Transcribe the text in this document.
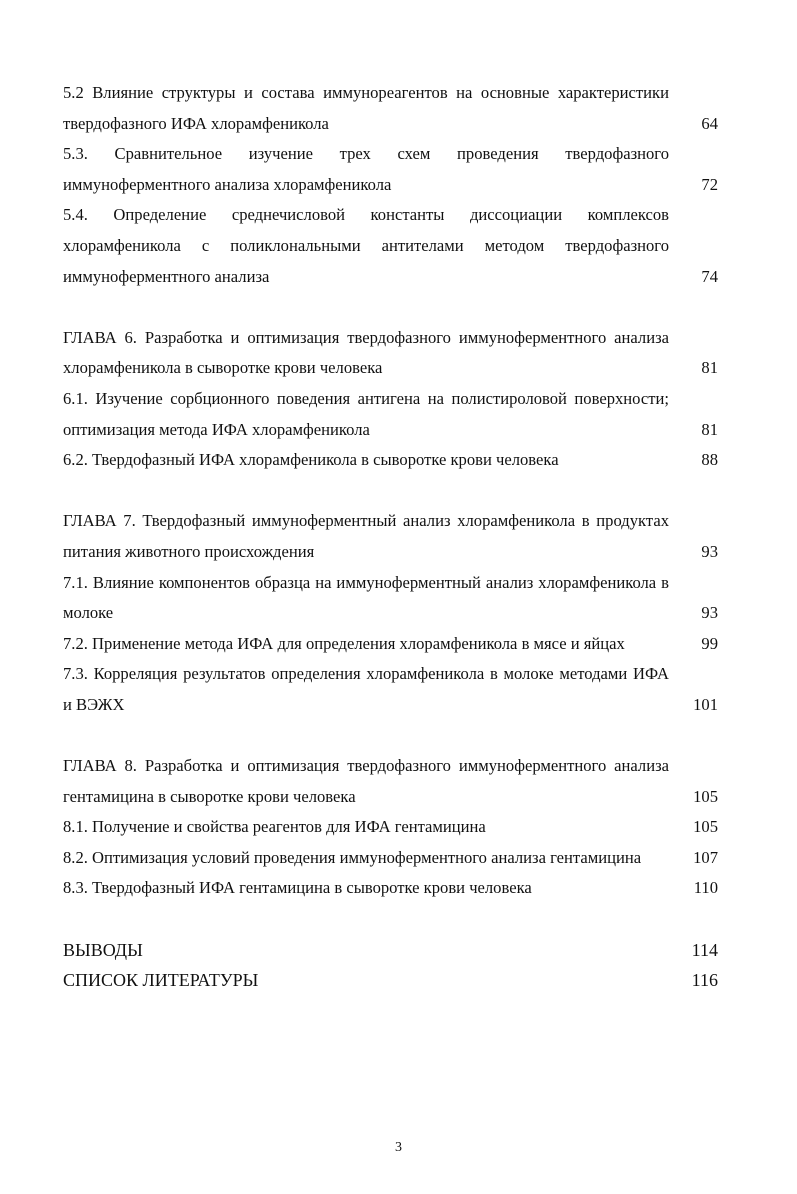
5.2 Влияние структуры и состава иммунореагентов на основные характеристики твердофазного ИФА хлорамфеникола	64
5.3. Сравнительное изучение трех схем проведения твердофазного иммуноферментного анализа хлорамфеникола	72
5.4. Определение среднечисловой константы диссоциации комплексов хлорамфеникола с поликлональными антителами методом твердофазного иммуноферментного анализа	74
ГЛАВА 6. Разработка и оптимизация твердофазного иммуноферментного анализа хлорамфеникола в сыворотке крови человека	81
6.1. Изучение сорбционного поведения антигена на полистироловой поверхности; оптимизация метода ИФА хлорамфеникола	81
6.2. Твердофазный ИФА хлорамфеникола в сыворотке крови человека	88
ГЛАВА 7. Твердофазный иммуноферментный анализ хлорамфеникола в продуктах питания животного происхождения	93
7.1. Влияние компонентов образца на иммуноферментный анализ хлорамфеникола в молоке	93
7.2. Применение метода ИФА для определения хлорамфеникола в мясе и яйцах	99
7.3. Корреляция результатов определения хлорамфеникола в молоке методами ИФА и ВЭЖХ	101
ГЛАВА 8. Разработка и оптимизация твердофазного иммуноферментного анализа гентамицина в сыворотке крови человека	105
8.1. Получение и свойства реагентов для ИФА гентамицина	105
8.2. Оптимизация условий проведения иммуноферментного анализа гентамицина	107
8.3. Твердофазный ИФА гентамицина в сыворотке крови человека	110
ВЫВОДЫ	114
СПИСОК ЛИТЕРАТУРЫ	116
3
